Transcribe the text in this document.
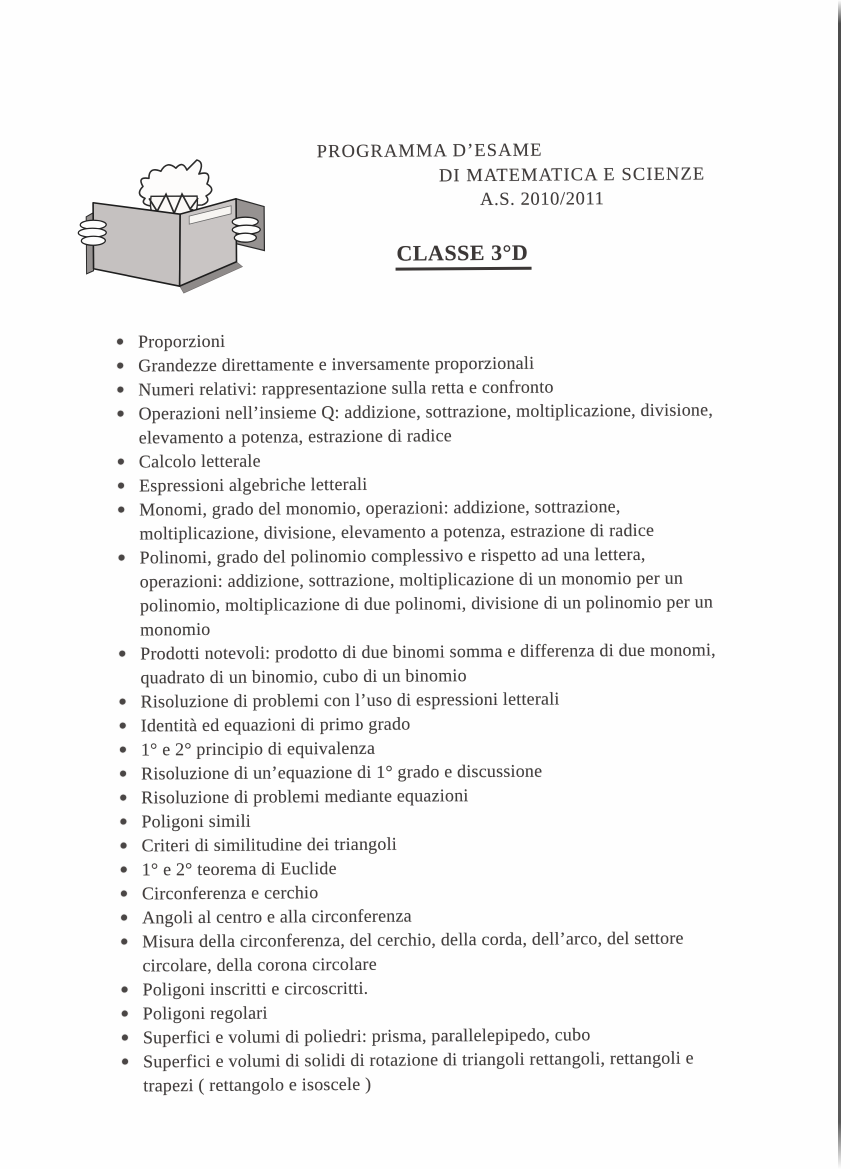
PROGRAMMA D’ESAME
DI MATEMATICA E SCIENZE
A.S. 2010/2011
CLASSE 3°D
Proporzioni
Grandezze direttamente e inversamente proporzionali
Numeri relativi: rappresentazione sulla retta e confronto
Operazioni nell’insieme Q: addizione, sottrazione, moltiplicazione, divisione,
elevamento a potenza, estrazione di radice
Calcolo letterale
Espressioni algebriche letterali
Monomi, grado del monomio, operazioni: addizione, sottrazione,
moltiplicazione, divisione, elevamento a potenza, estrazione di radice
Polinomi, grado del polinomio complessivo e rispetto ad una lettera,
operazioni: addizione, sottrazione, moltiplicazione di un monomio per un
polinomio, moltiplicazione di due polinomi, divisione di un polinomio per un
monomio
Prodotti notevoli: prodotto di due binomi somma e differenza di due monomi,
quadrato di un binomio, cubo di un binomio
Risoluzione di problemi con l’uso di espressioni letterali
Identità ed equazioni di primo grado
1° e 2° principio di equivalenza
Risoluzione di un’equazione di 1° grado e discussione
Risoluzione di problemi mediante equazioni
Poligoni simili
Criteri di similitudine dei triangoli
1° e 2° teorema di Euclide
Circonferenza e cerchio
Angoli al centro e alla circonferenza
Misura della circonferenza, del cerchio, della corda, dell’arco, del settore
circolare, della corona circolare
Poligoni inscritti e circoscritti.
Poligoni regolari
Superfici e volumi di poliedri: prisma, parallelepipedo, cubo
Superfici e volumi di solidi di rotazione di triangoli rettangoli, rettangoli e
trapezi ( rettangolo e isoscele )
